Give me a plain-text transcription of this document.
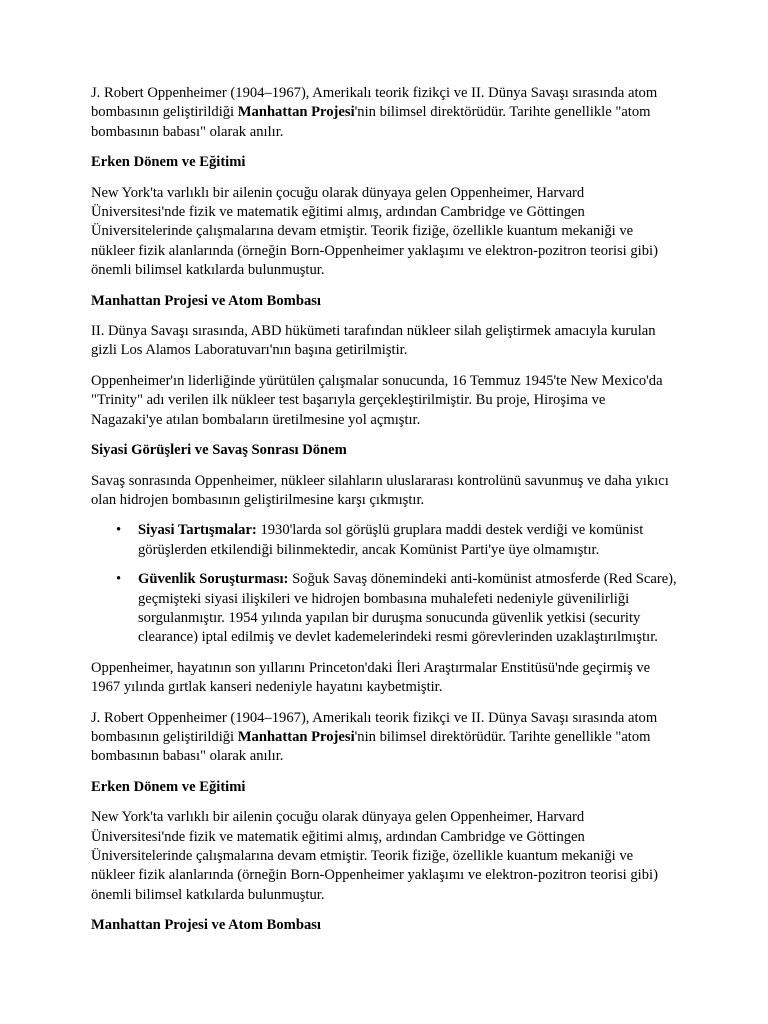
J. Robert Oppenheimer (1904–1967), Amerikalı teorik fizikçi ve II. Dünya Savaşı sırasında atom bombasının geliştirildiği Manhattan Projesi'nin bilimsel direktörüdür. Tarihte genellikle "atom bombasının babası" olarak anılır.

Erken Dönem ve Eğitimi

New York'ta varlıklı bir ailenin çocuğu olarak dünyaya gelen Oppenheimer, Harvard Üniversitesi'nde fizik ve matematik eğitimi almış, ardından Cambridge ve Göttingen Üniversitelerinde çalışmalarına devam etmiştir. Teorik fiziğe, özellikle kuantum mekaniği ve nükleer fizik alanlarında (örneğin Born-Oppenheimer yaklaşımı ve elektron-pozitron teorisi gibi) önemli bilimsel katkılarda bulunmuştur.

Manhattan Projesi ve Atom Bombası

II. Dünya Savaşı sırasında, ABD hükümeti tarafından nükleer silah geliştirmek amacıyla kurulan gizli Los Alamos Laboratuvarı'nın başına getirilmiştir.

Oppenheimer'ın liderliğinde yürütülen çalışmalar sonucunda, 16 Temmuz 1945'te New Mexico'da "Trinity" adı verilen ilk nükleer test başarıyla gerçekleştirilmiştir. Bu proje, Hiroşima ve Nagazaki'ye atılan bombaların üretilmesine yol açmıştır.

Siyasi Görüşleri ve Savaş Sonrası Dönem

Savaş sonrasında Oppenheimer, nükleer silahların uluslararası kontrolünü savunmuş ve daha yıkıcı olan hidrojen bombasının geliştirilmesine karşı çıkmıştır.

• Siyasi Tartışmalar: 1930'larda sol görüşlü gruplara maddi destek verdiği ve komünist görüşlerden etkilendiği bilinmektedir, ancak Komünist Parti'ye üye olmamıştır.
• Güvenlik Soruşturması: Soğuk Savaş dönemindeki anti-komünist atmosferde (Red Scare), geçmişteki siyasi ilişkileri ve hidrojen bombasına muhalefeti nedeniyle güvenilirliği sorgulanmıştır. 1954 yılında yapılan bir duruşma sonucunda güvenlik yetkisi (security clearance) iptal edilmiş ve devlet kademelerindeki resmi görevlerinden uzaklaştırılmıştır.

Oppenheimer, hayatının son yıllarını Princeton'daki İleri Araştırmalar Enstitüsü'nde geçirmiş ve 1967 yılında gırtlak kanseri nedeniyle hayatını kaybetmiştir.

J. Robert Oppenheimer (1904–1967), Amerikalı teorik fizikçi ve II. Dünya Savaşı sırasında atom bombasının geliştirildiği Manhattan Projesi'nin bilimsel direktörüdür. Tarihte genellikle "atom bombasının babası" olarak anılır.

Erken Dönem ve Eğitimi

New York'ta varlıklı bir ailenin çocuğu olarak dünyaya gelen Oppenheimer, Harvard Üniversitesi'nde fizik ve matematik eğitimi almış, ardından Cambridge ve Göttingen Üniversitelerinde çalışmalarına devam etmiştir. Teorik fiziğe, özellikle kuantum mekaniği ve nükleer fizik alanlarında (örneğin Born-Oppenheimer yaklaşımı ve elektron-pozitron teorisi gibi) önemli bilimsel katkılarda bulunmuştur.

Manhattan Projesi ve Atom Bombası
